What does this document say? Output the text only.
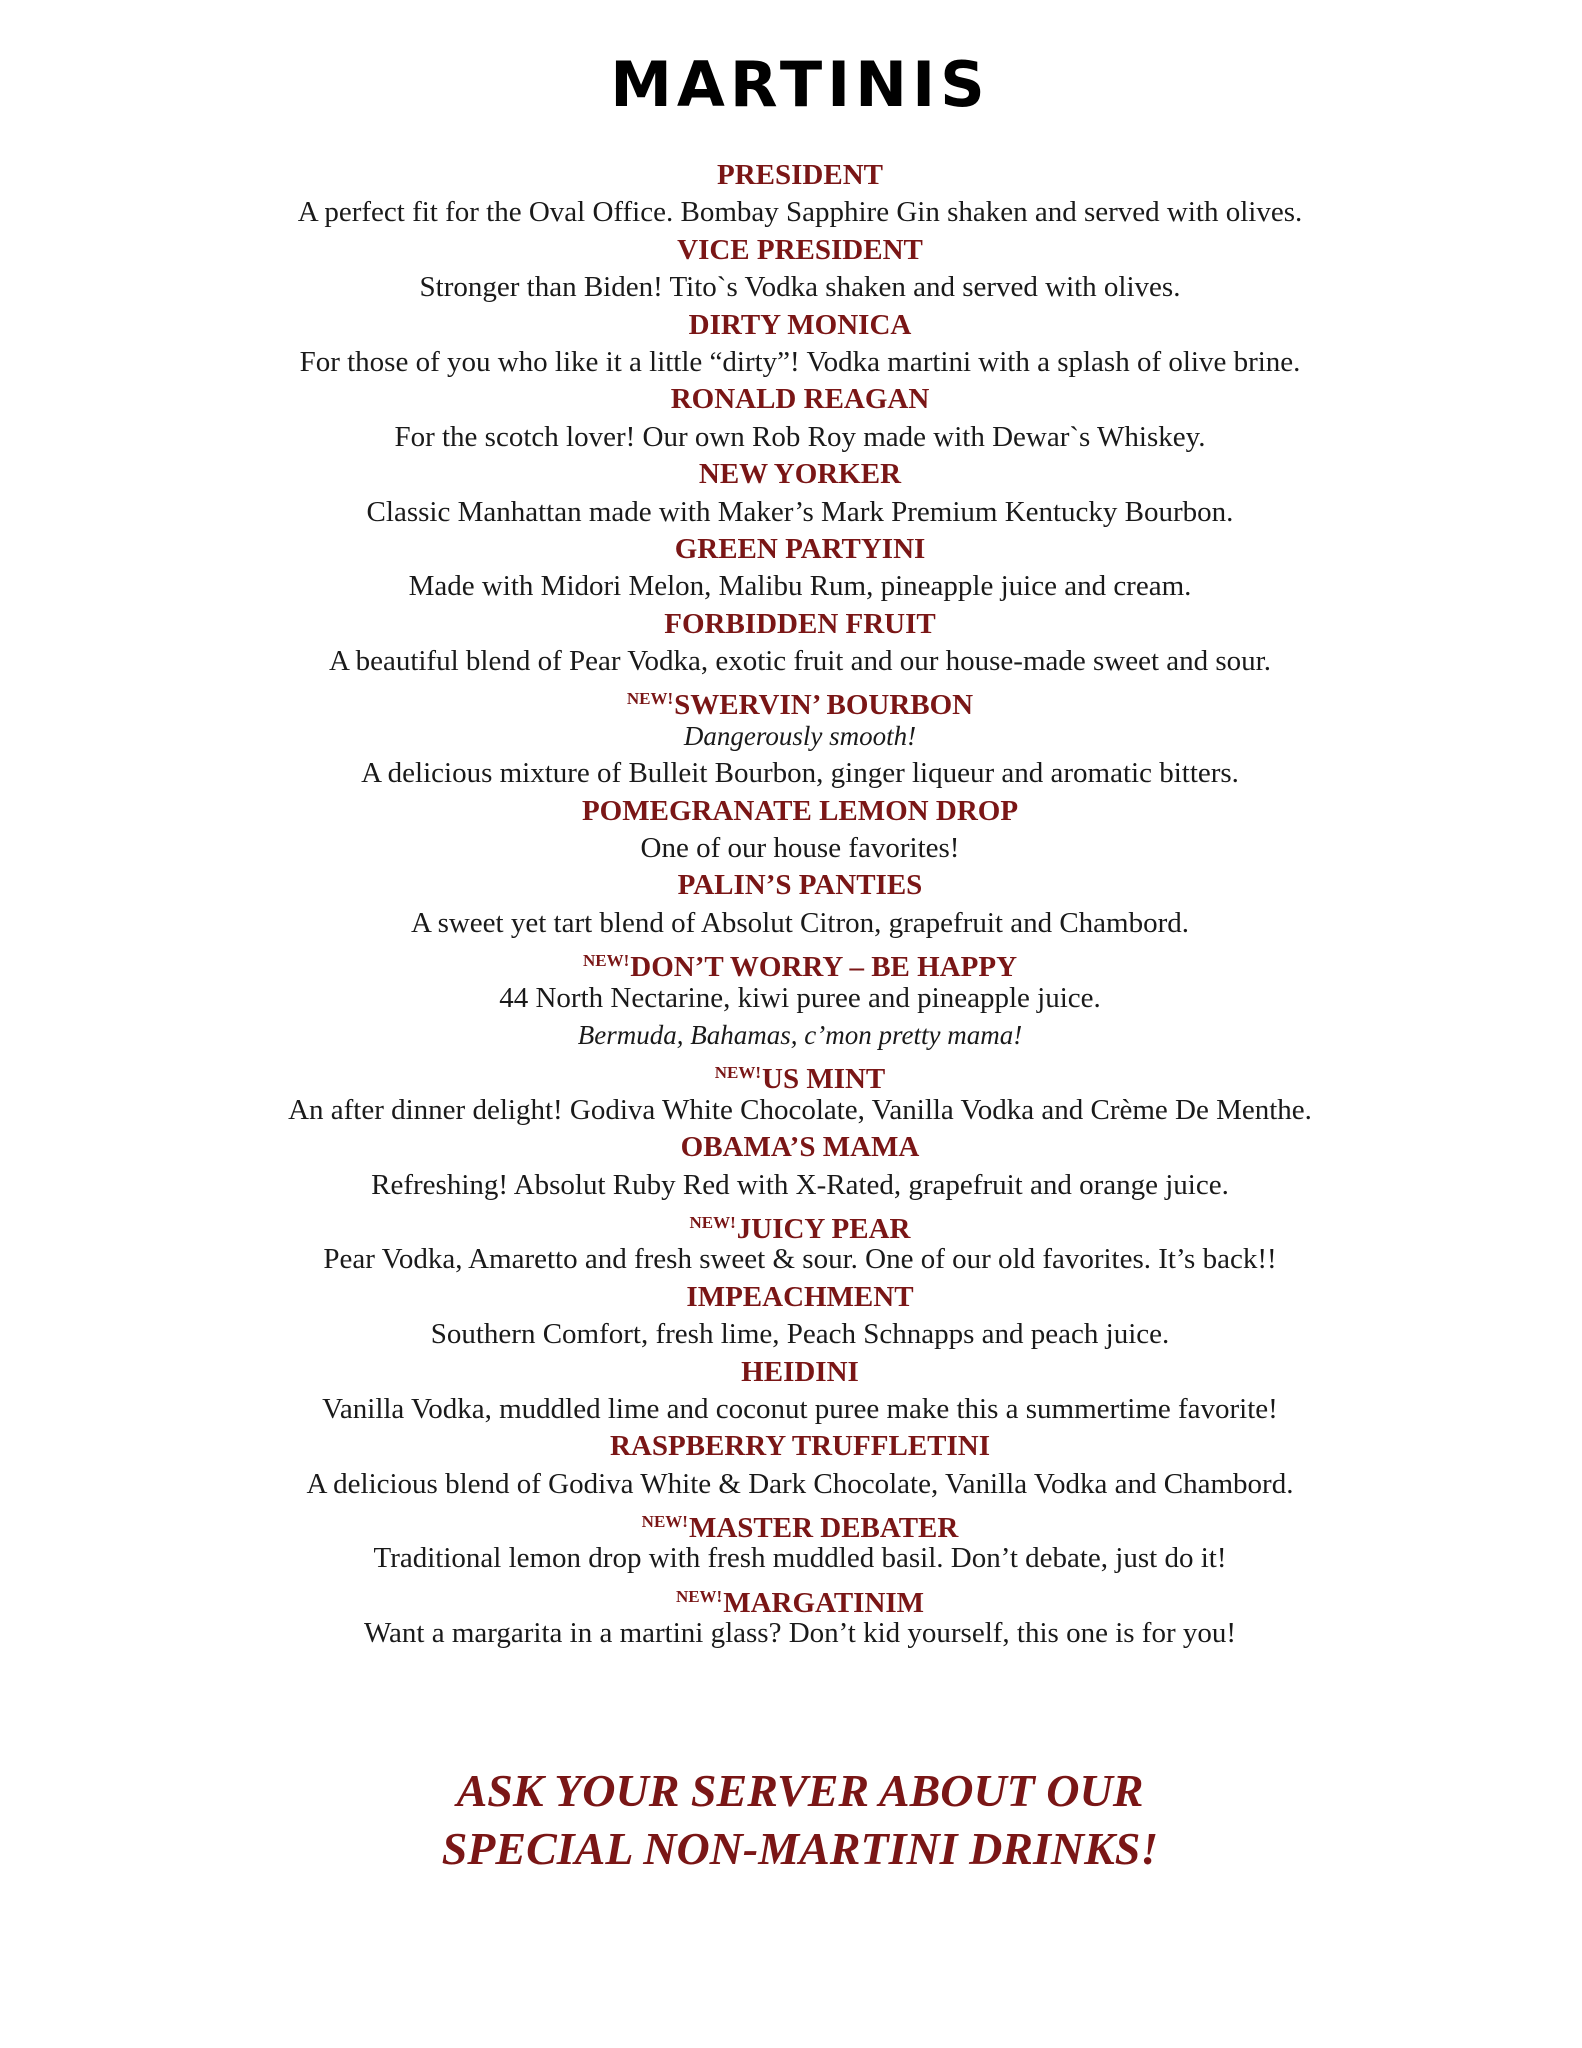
MARTINIS
PRESIDENT
A perfect fit for the Oval Office. Bombay Sapphire Gin shaken and served with olives.
VICE PRESIDENT
Stronger than Biden! Tito`s Vodka shaken and served with olives.
DIRTY MONICA
For those of you who like it a little “dirty”! Vodka martini with a splash of olive brine.
RONALD REAGAN
For the scotch lover! Our own Rob Roy made with Dewar`s Whiskey.
NEW YORKER
Classic Manhattan made with Maker’s Mark Premium Kentucky Bourbon.
GREEN PARTYINI
Made with Midori Melon, Malibu Rum, pineapple juice and cream.
FORBIDDEN FRUIT
A beautiful blend of Pear Vodka, exotic fruit and our house-made sweet and sour.
NEW!SWERVIN’ BOURBON
Dangerously smooth!
A delicious mixture of Bulleit Bourbon, ginger liqueur and aromatic bitters.
POMEGRANATE LEMON DROP
One of our house favorites!
PALIN’S PANTIES
A sweet yet tart blend of Absolut Citron, grapefruit and Chambord.
NEW!DON’T WORRY – BE HAPPY
44 North Nectarine, kiwi puree and pineapple juice.
Bermuda, Bahamas, c’mon pretty mama!
NEW!US MINT
An after dinner delight! Godiva White Chocolate, Vanilla Vodka and Crème De Menthe.
OBAMA’S MAMA
Refreshing! Absolut Ruby Red with X-Rated, grapefruit and orange juice.
NEW!JUICY PEAR
Pear Vodka, Amaretto and fresh sweet & sour. One of our old favorites. It’s back!!
IMPEACHMENT
Southern Comfort, fresh lime, Peach Schnapps and peach juice.
HEIDINI
Vanilla Vodka, muddled lime and coconut puree make this a summertime favorite!
RASPBERRY TRUFFLETINI
A delicious blend of Godiva White & Dark Chocolate, Vanilla Vodka and Chambord.
NEW!MASTER DEBATER
Traditional lemon drop with fresh muddled basil. Don’t debate, just do it!
NEW!MARGATINIM
Want a margarita in a martini glass? Don’t kid yourself, this one is for you!
ASK YOUR SERVER ABOUT OUR
SPECIAL NON-MARTINI DRINKS!
